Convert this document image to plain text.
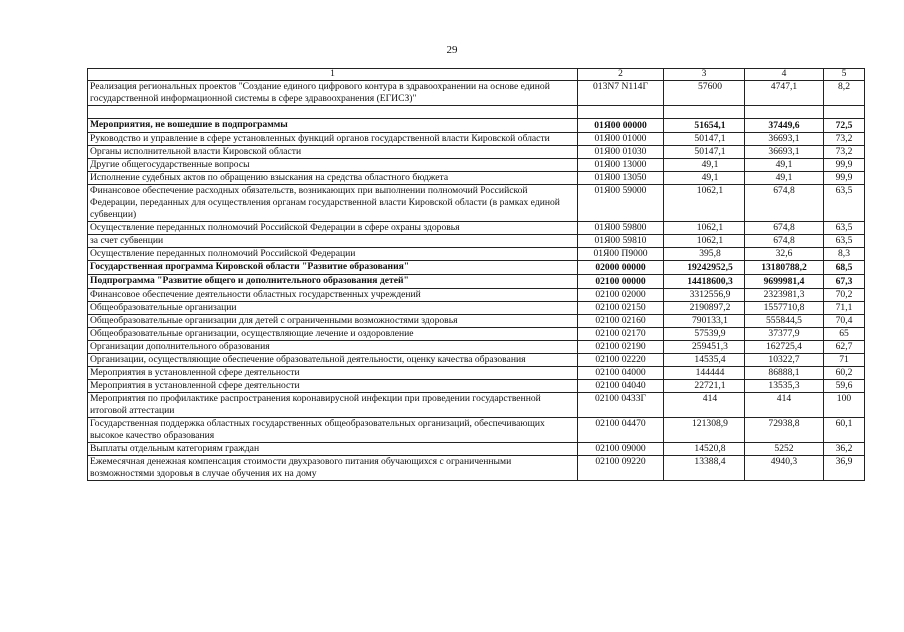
29
1	2	3	4	5
Реализация региональных проектов "Создание единого цифрового контура в здравоохранении на основе единой государственной информационной системы в сфере здравоохранения (ЕГИСЗ)"	013N7 N114Г	57600	4747,1	8,2

Мероприятия, не вошедшие в подпрограммы	01Я00 00000	51654,1	37449,6	72,5
Руководство и управление в сфере установленных функций органов государственной власти Кировской области	01Я00 01000	50147,1	36693,1	73,2
Органы исполнительной власти Кировской области	01Я00 01030	50147,1	36693,1	73,2
Другие общегосударственные вопросы	01Я00 13000	49,1	49,1	99,9
Исполнение судебных актов по обращению взыскания на средства областного бюджета	01Я00 13050	49,1	49,1	99,9
Финансовое обеспечение расходных обязательств, возникающих при выполнении полномочий Российской Федерации, переданных для осуществления органам государственной власти Кировской области (в рамках единой субвенции)	01Я00 59000	1062,1	674,8	63,5
Осуществление переданных полномочий Российской Федерации в сфере охраны здоровья	01Я00 59800	1062,1	674,8	63,5
за счет субвенции	01Я00 59810	1062,1	674,8	63,5
Осуществление переданных полномочий Российской Федерации	01Я00 П9000	395,8	32,6	8,3
Государственная программа Кировской области "Развитие образования"	02000 00000	19242952,5	13180788,2	68,5
Подпрограмма "Развитие общего и дополнительного образования детей"	02100 00000	14418600,3	9699981,4	67,3
Финансовое обеспечение деятельности областных государственных учреждений	02100 02000	3312556,9	2323981,3	70,2
Общеобразовательные организации	02100 02150	2190897,2	1557710,8	71,1
Общеобразовательные организации для детей с ограниченными возможностями здоровья	02100 02160	790133,1	555844,5	70,4
Общеобразовательные организации, осуществляющие лечение и оздоровление	02100 02170	57539,9	37377,9	65
Организации дополнительного образования	02100 02190	259451,3	162725,4	62,7
Организации, осуществляющие обеспечение образовательной деятельности, оценку качества образования	02100 02220	14535,4	10322,7	71
Мероприятия в установленной сфере деятельности	02100 04000	144444	86888,1	60,2
Мероприятия в установленной сфере деятельности	02100 04040	22721,1	13535,3	59,6
Мероприятия по профилактике распространения коронавирусной инфекции при проведении государственной итоговой аттестации	02100 0433Г	414	414	100
Государственная поддержка областных государственных общеобразовательных организаций, обеспечивающих высокое качество образования	02100 04470	121308,9	72938,8	60,1
Выплаты отдельным категориям граждан	02100 09000	14520,8	5252	36,2
Ежемесячная денежная компенсация стоимости двухразового питания обучающихся с ограниченными возможностями здоровья в случае обучения их на дому	02100 09220	13388,4	4940,3	36,9
